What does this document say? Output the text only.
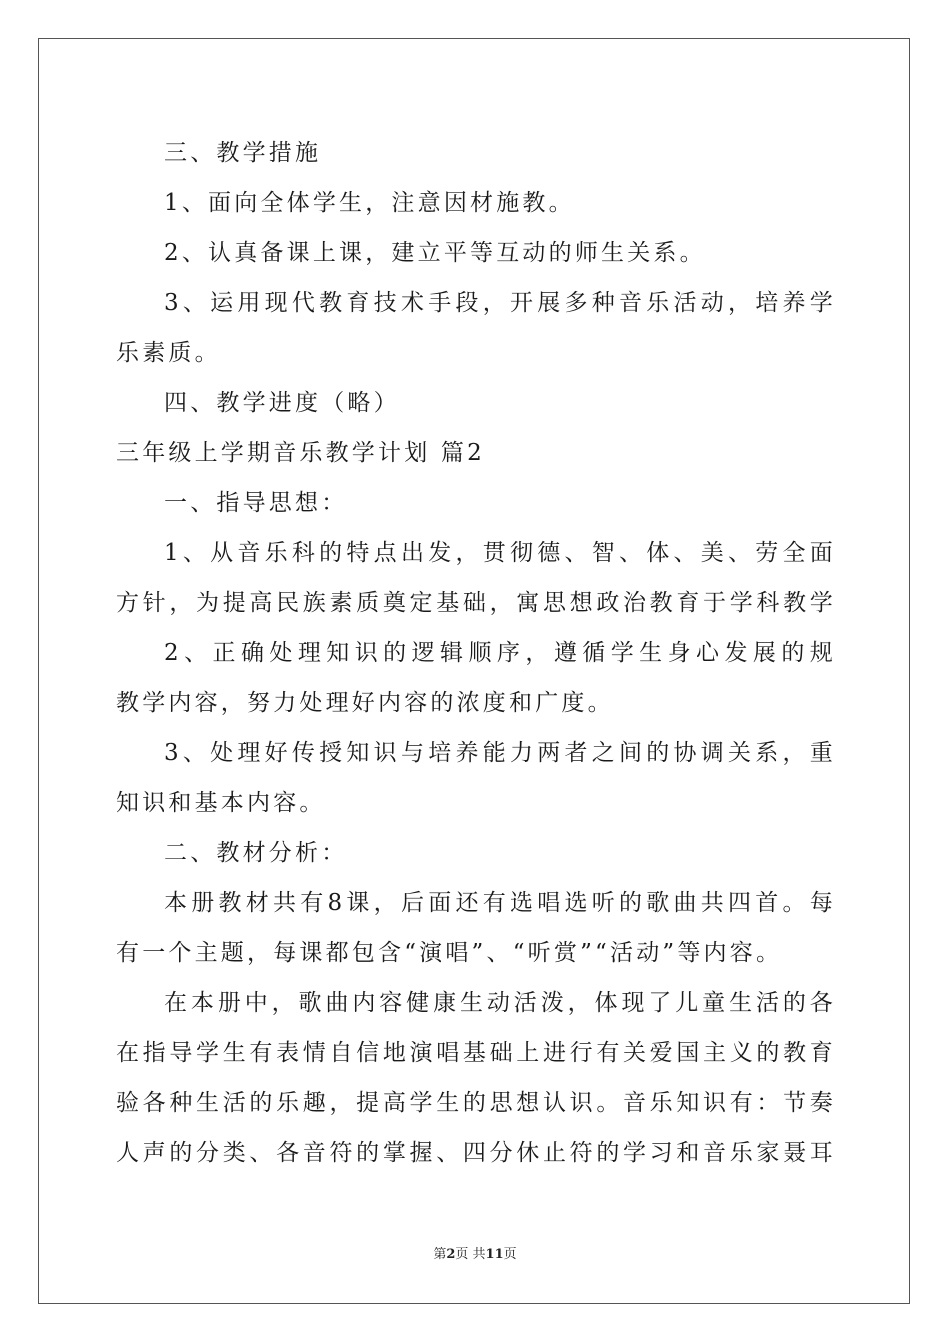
三、教学措施
1、面向全体学生，注意因材施教。
2、认真备课上课，建立平等互动的师生关系。
3、运用现代教育技术手段，开展多种音乐活动，培养学
乐素质。
四、教学进度（略）
三年级上学期音乐教学计划 篇2
一、指导思想：
1、从音乐科的特点出发，贯彻德、智、体、美、劳全面
方针，为提高民族素质奠定基础，寓思想政治教育于学科教学
2、正确处理知识的逻辑顺序，遵循学生身心发展的规
教学内容，努力处理好内容的浓度和广度。
3、处理好传授知识与培养能力两者之间的协调关系，重
知识和基本内容。
二、教材分析：
本册教材共有8课，后面还有选唱选听的歌曲共四首。每
有一个主题，每课都包含“演唱”、“听赏”“活动”等内容。
在本册中，歌曲内容健康生动活泼，体现了儿童生活的各
在指导学生有表情自信地演唱基础上进行有关爱国主义的教育
验各种生活的乐趣，提高学生的思想认识。音乐知识有：节奏
人声的分类、各音符的掌握、四分休止符的学习和音乐家聂耳
第2页 共11页
